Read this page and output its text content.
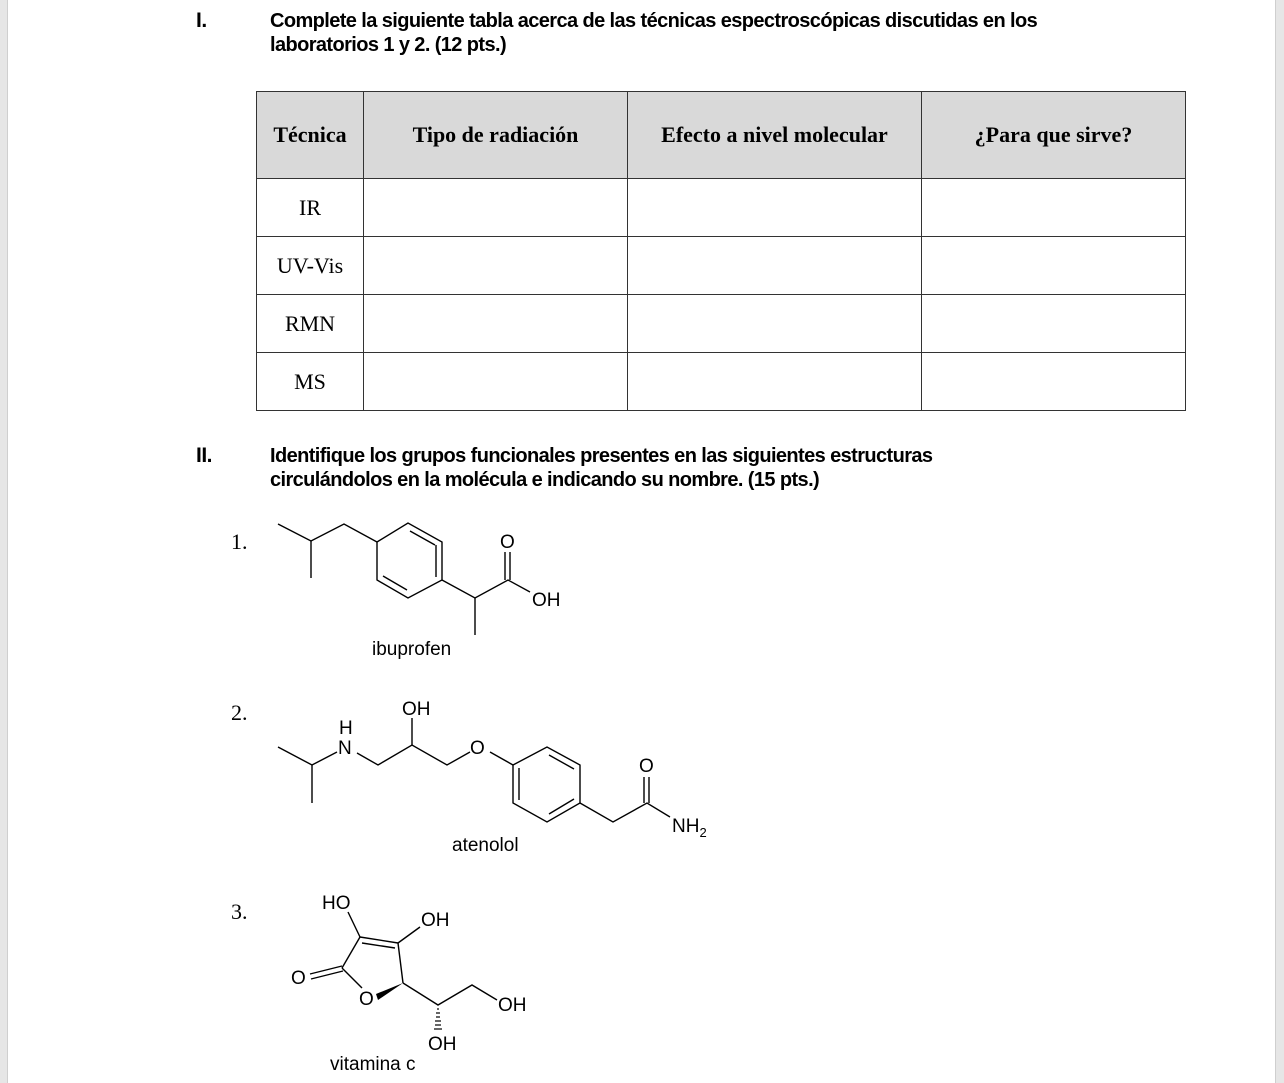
I.	Complete la siguiente tabla acerca de las técnicas espectroscópicas discutidas en los
laboratorios 1 y 2. (12 pts.)
Técnica	Tipo de radiación	Efecto a nivel molecular	¿Para que sirve?
IR			
UV-Vis			
RMN			
MS			
II.	Identifique los grupos funcionales presentes en las siguientes estructuras
circulándolos en la molécula e indicando su nombre. (15 pts.)
1.
2.
3.
O
OH
ibuprofen
H
N
OH
O
O
$NH_2$
atenolol
HO
OH
O
O	OH
OH
vitamina c
